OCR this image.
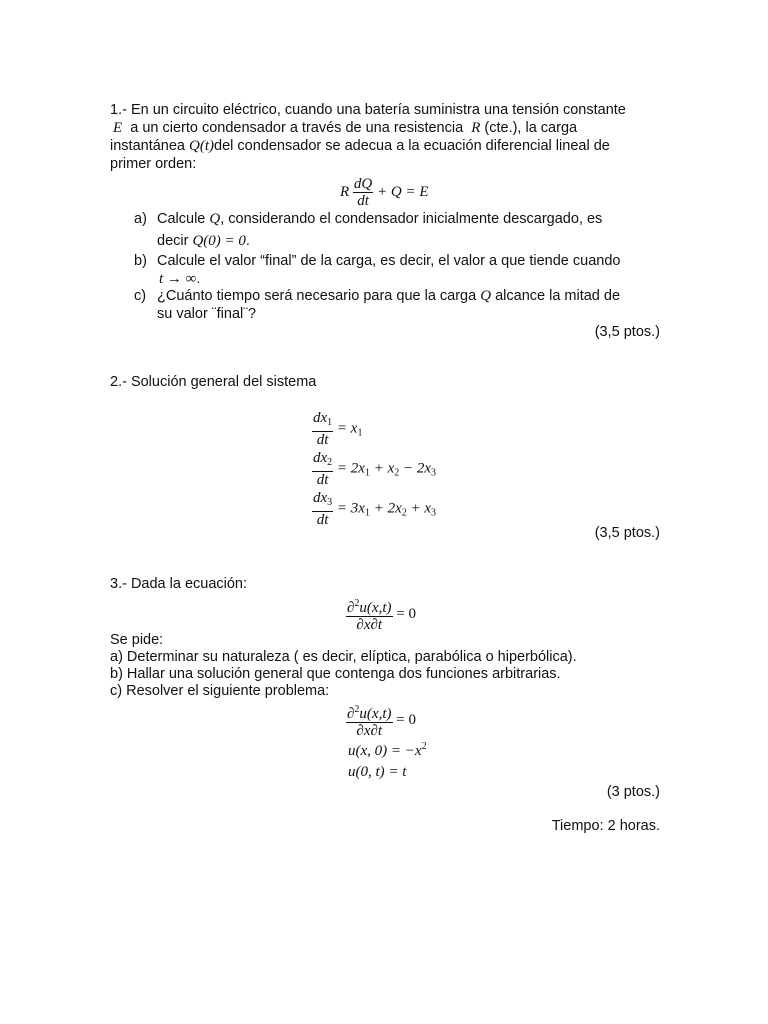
1.- En un circuito eléctrico, cuando una batería suministra una tensión constante
E a un cierto condensador a través de una resistencia R (cte.), la carga
instantánea Q(t)del condensador se adecua a la ecuación diferencial lineal de
primer orden:
R $\frac{dQ}{dt} + Q = E$
a) Calcule Q, considerando el condensador inicialmente descargado, es
decir Q(0) = 0.
b) Calcule el valor “final” de la carga, es decir, el valor a que tiende cuando
t → ∞.
c) ¿Cuánto tiempo será necesario para que la carga Q alcance la mitad de
su valor ¨final¨?
(3,5 ptos.)
2.- Solución general del sistema
$\frac{dx_1}{dt} = x_1$
$\frac{dx_2}{dt} = 2x_1 + x_2 - 2x_3$
$\frac{dx_3}{dt} = 3x_1 + 2x_2 + x_3$
(3,5 ptos.)
3.- Dada la ecuación:
$\frac{\partial^2u(x,t)}{\partial x\partial t} = 0$
Se pide:
a) Determinar su naturaleza ( es decir, elíptica, parabólica o hiperbólica).
b) Hallar una solución general que contenga dos funciones arbitrarias.
c) Resolver el siguiente problema:
$\frac{\partial^2u(x,t)}{\partial x\partial t} = 0$
u(x, $0) = -x^2$
u(0, t) = t
(3 ptos.)
Tiempo: 2 horas.
